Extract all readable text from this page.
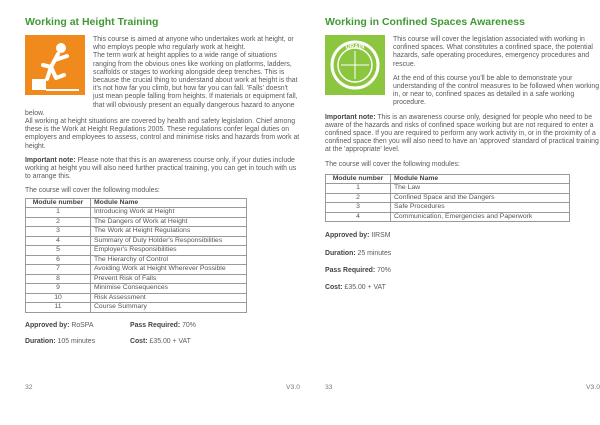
Working at Height Training

This course is aimed at anyone who undertakes work at height, or who employs people who regularly work at height.
The term work at height applies to a wide range of situations ranging from the obvious ones like working on platforms, ladders, scaffolds or stages to working alongside deep trenches. This is because the crucial thing to understand about work at height is that it's not how far you climb, but how far you can fall. 'Falls' doesn't just mean people falling from heights. If materials or equipment fall, that will obviously present an equally dangerous hazard to anyone below.
All working at height situations are covered by health and safety legislation. Chief among these is the Work at Height Regulations 2005. These regulations confer legal duties on employers and employees to assess, control and minimise risks and hazards from work at height.

Important note: Please note that this is an awareness course only, if your duties include working at height you will also need further practical training, you can get in touch with us to arrange this.

The course will cover the following modules:

Module number	Module Name
1	Introducing Work at Height
2	The Dangers of Work at Height
3	The Work at Height Regulations
4	Summary of Duty Holder's Responsibilities
5	Employer's Responsibilities
6	The Hierarchy of Control
7	Avoiding Work at Height Wherever Possible
8	Prevent Risk of Falls
9	Minimise Consequences
10	Risk Assessment
11	Course Summary
Approved by: RoSPA	Pass Required: 70%
Duration: 105 minutes	Cost: £35.00 + VAT
32	V3.0
Working in Confined Spaces Awareness
DRAIN

This course will cover the legislation associated with working in confined spaces. What constitutes a confined space, the potential hazards, safe operating procedures, emergency procedures and rescue.

At the end of this course you'll be able to demonstrate your understanding of the control measures to be followed when working in, or near to, confined spaces as detailed in a safe working procedure.

Important note: This is an awareness course only, designed for people who need to be aware of the hazards and risks of confined space working but are not required to enter a confined space. If you are required to perform any work activity in, or in the proximity of a confined space then you will also need to have an 'approved' standard of practical training at the 'appropriate' level.

The course will cover the following modules:

Module number	Module Name
1	The Law
2	Confined Space and the Dangers
3	Safe Procedures
4	Communication, Emergencies and Paperwork

Approved by: IIRSM

Duration: 25 minutes

Pass Required: 70%

Cost: £35.00 + VAT

33	V3.0
